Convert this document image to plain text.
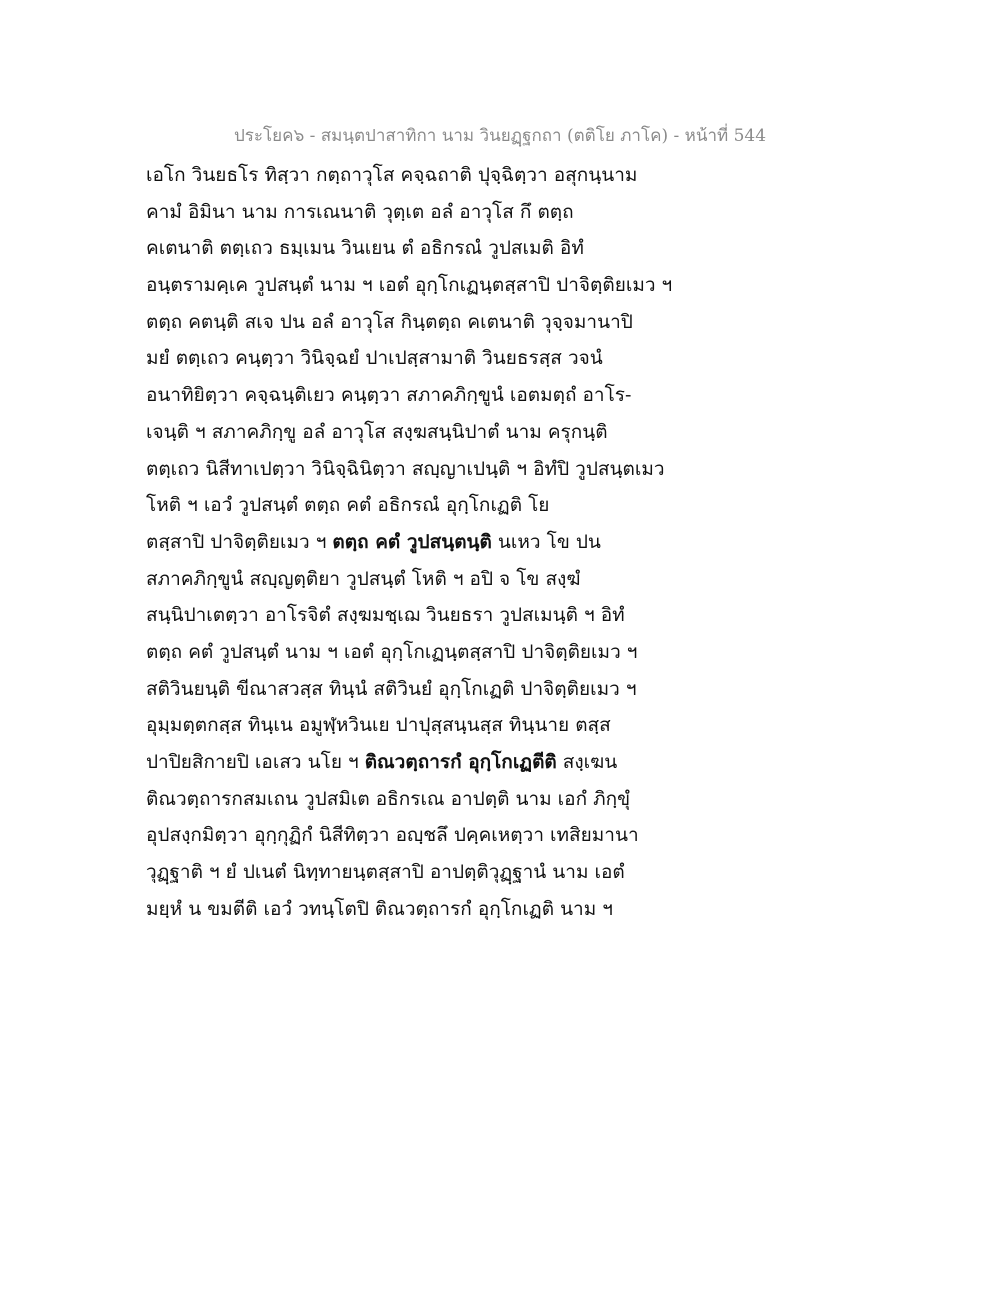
ประโยค๖ - สมนฺตปาสาทิกา นาม วินยฏฺฐกถา (ตติโย ภาโค) - หน้าที่ 544
เอโก วินยธโร ทิสฺวา กตฺถาวุโส คจฺฉถาติ ปุจฺฉิตฺวา อสุกนฺนาม
คามํ อิมินา นาม การเณนาติ วุตฺเต อลํ อาวุโส กึ ตตฺถ
คเตนาติ ตตฺเถว ธมฺเมน วินเยน ตํ อธิกรณํ วูปสเมติ อิทํ
อนฺตรามคฺเค วูปสนฺตํ นาม ฯ เอตํ อุกฺโกเฏนฺตสฺสาปิ ปาจิตฺติยเมว ฯ
ตตฺถ คตนฺติ สเจ ปน อลํ อาวุโส กินฺตตฺถ คเตนาติ วุจฺจมานาปิ
มยํ ตตฺเถว คนฺตฺวา วินิจฺฉยํ ปาเปสฺสามาติ วินยธรสฺส วจนํ
อนาทิยิตฺวา คจฺฉนฺติเยว คนฺตฺวา สภาคภิกฺขูนํ เอตมตฺถํ อาโร-
เจนฺติ ฯ สภาคภิกฺขู อลํ อาวุโส สงฺฆสนฺนิปาตํ นาม ครุกนฺติ
ตตฺเถว นิสีทาเปตฺวา วินิจฺฉินิตฺวา สญฺญาเปนฺติ ฯ อิทํปิ วูปสนฺตเมว
โหติ ฯ เอวํ วูปสนฺตํ ตตฺถ คตํ อธิกรณํ อุกฺโกเฏติ โย
ตสฺสาปิ ปาจิตฺติยเมว ฯ ตตฺถ คตํ วูปสนฺตนฺติ นเหว โข ปน
สภาคภิกฺขูนํ สญฺญตฺติยา วูปสนฺตํ โหติ ฯ อปิ จ โข สงฺฆํ
สนฺนิปาเตตฺวา อาโรจิตํ สงฺฆมชฺเฌ วินยธรา วูปสเมนฺติ ฯ อิทํ
ตตฺถ คตํ วูปสนฺตํ นาม ฯ เอตํ อุกฺโกเฏนฺตสฺสาปิ ปาจิตฺติยเมว ฯ
สติวินยนฺติ ขีณาสวสฺส ทินฺนํ สติวินยํ อุกฺโกเฏติ ปาจิตฺติยเมว ฯ
อุมฺมตฺตกสฺส ทินฺเน อมูฬฺหวินเย ปาปุสฺสนฺนสฺส ทินฺนาย ตสฺส
ปาปิยสิกายปิ เอเสว นโย ฯ ติณวตฺถารกํ อุกฺโกเฏตีติ สงฺเฆน
ติณวตฺถารกสมเถน วูปสมิเต อธิกรเณ อาปตฺติ นาม เอกํ ภิกฺขุํ
อุปสงฺกมิตฺวา อุกฺกุฏิกํ นิสีทิตฺวา อญฺชลึ ปคฺคเหตฺวา เทสิยมานา
วุฏฺฐาติ ฯ ยํ ปเนตํ นิทฺทายนฺตสฺสาปิ อาปตฺติวุฏฺฐานํ นาม เอตํ
มยฺหํ น ขมตีติ เอวํ วทนฺโตปิ ติณวตฺถารกํ อุกฺโกเฏติ นาม ฯ
